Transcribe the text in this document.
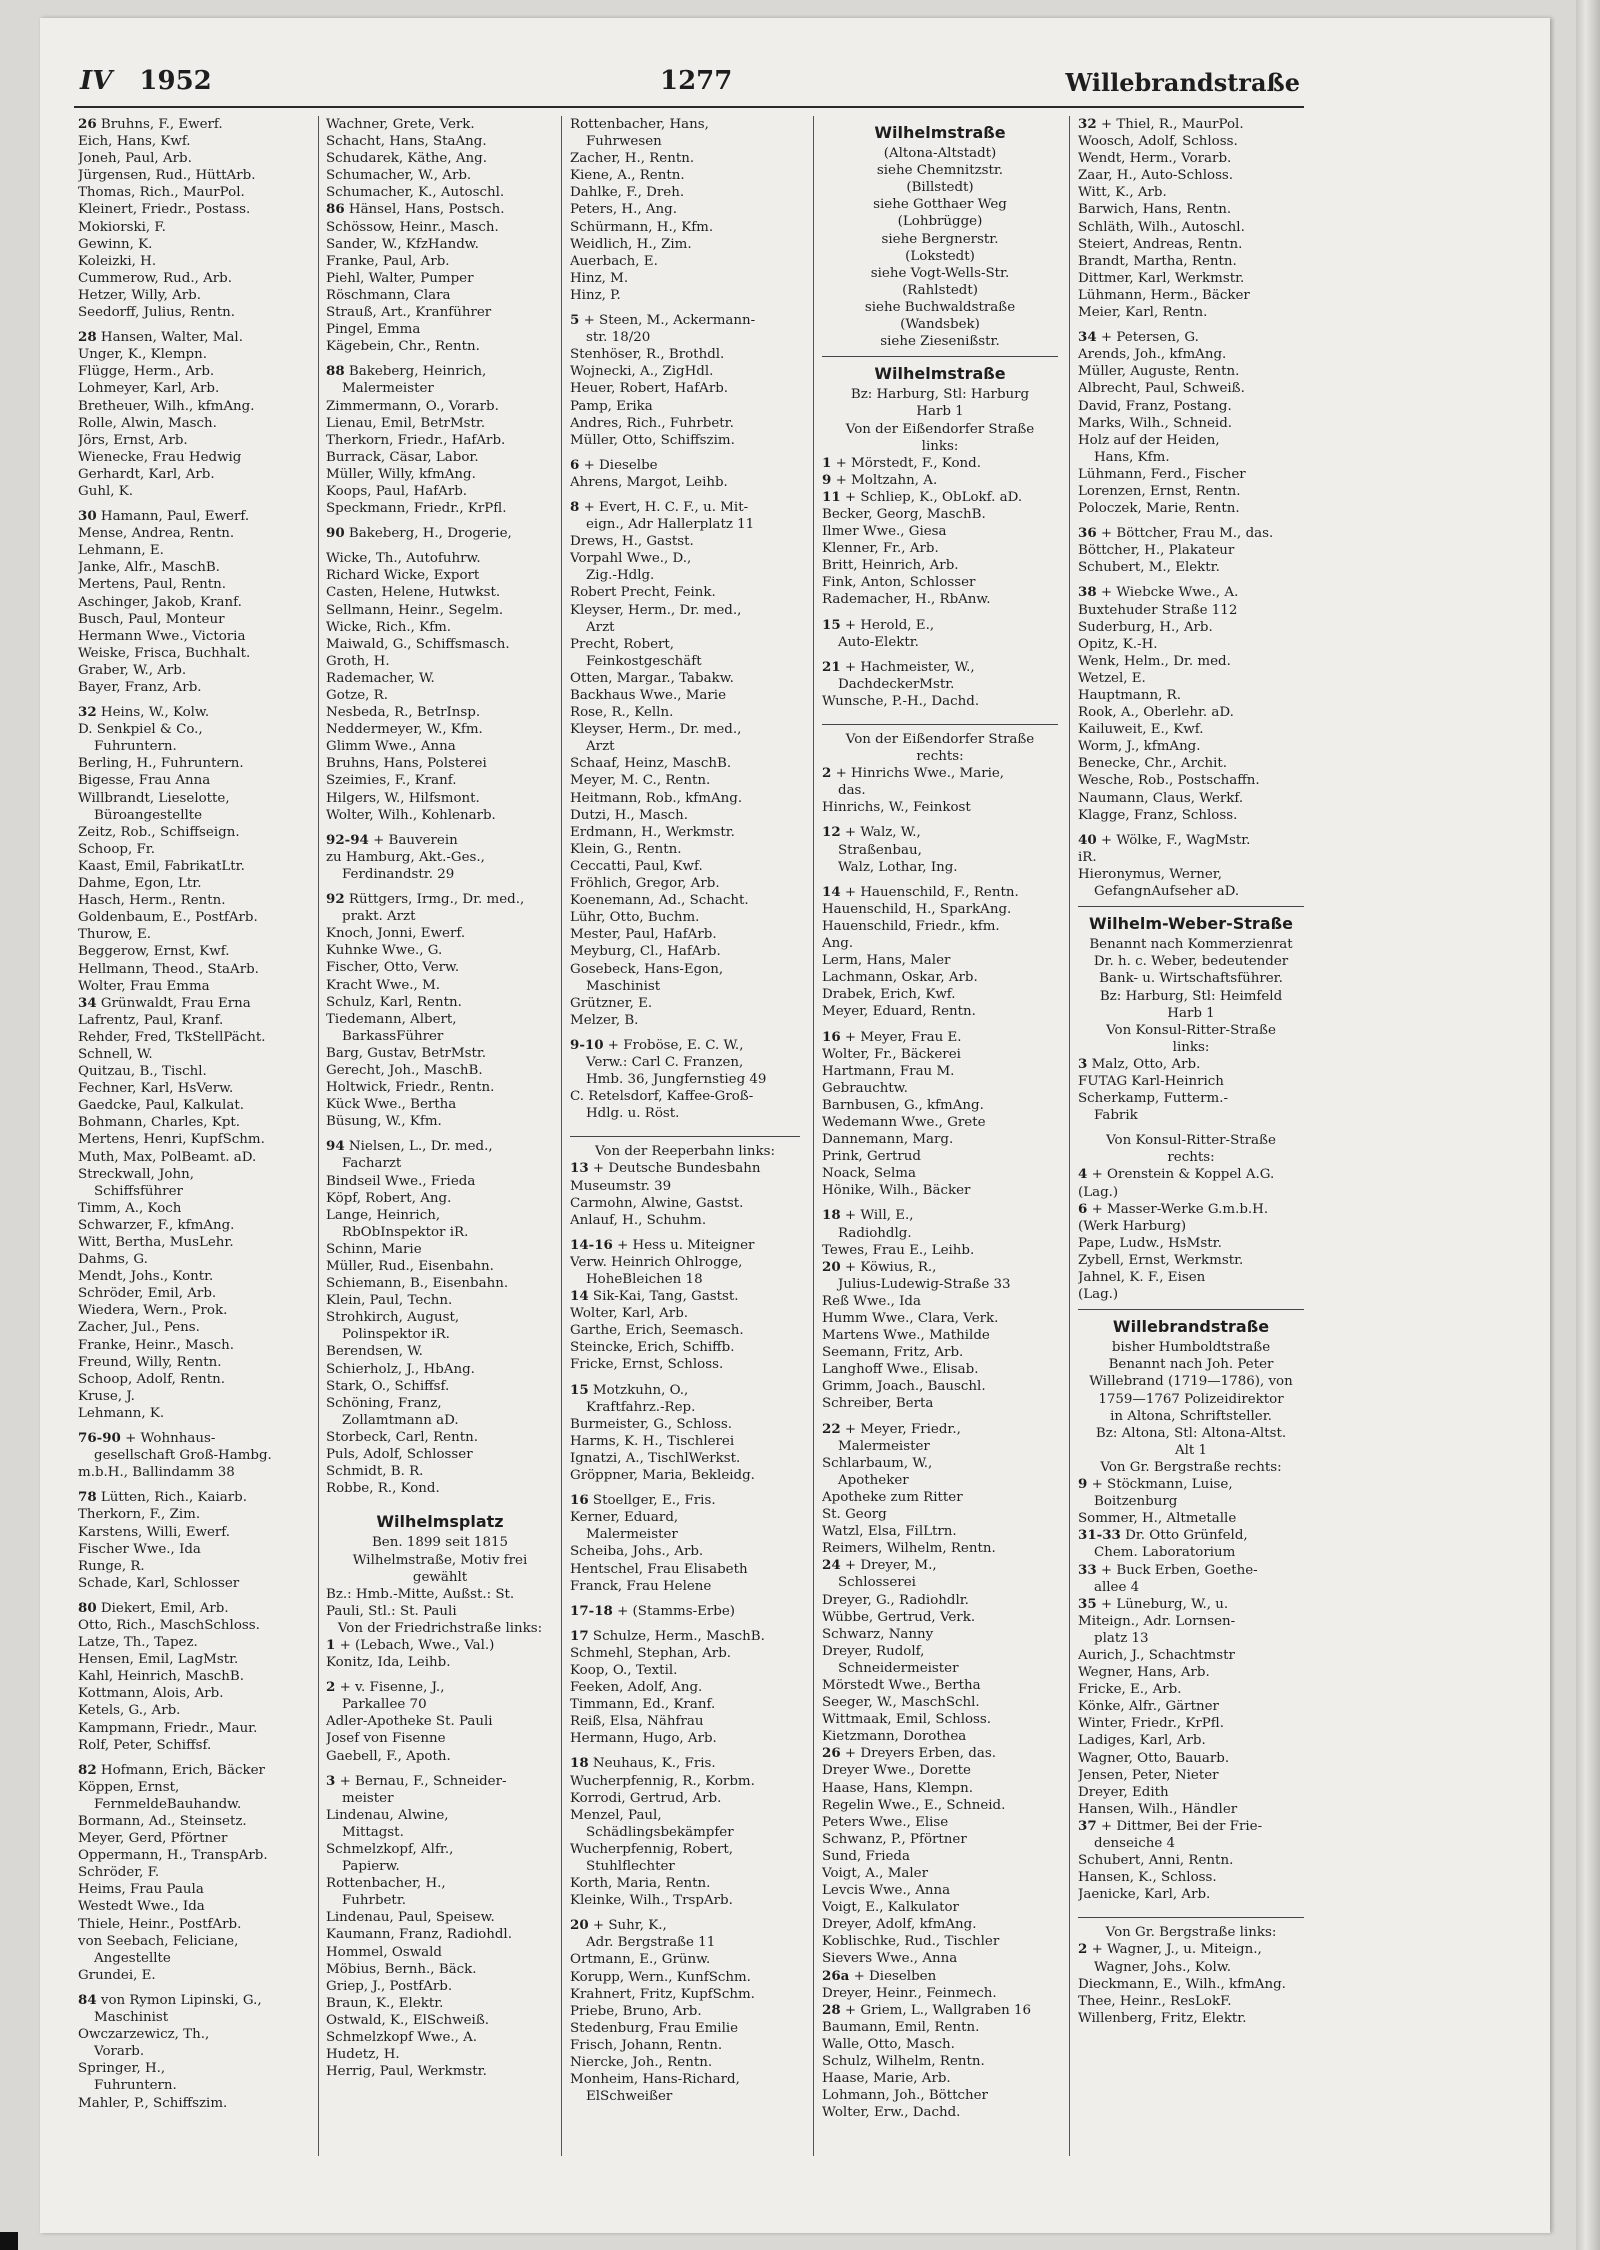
IV 1952	1277	Willebrandstraße
26 Bruhns, F., Ewerf.
Eich, Hans, Kwf.
Joneh, Paul, Arb.
Jürgensen, Rud., HüttArb.
Thomas, Rich., MaurPol.
Kleinert, Friedr., Postass.
Mokiorski, F.
Gewinn, K.
Koleizki, H.
Cummerow, Rud., Arb.
Hetzer, Willy, Arb.
Seedorff, Julius, Rentn.
28 Hansen, Walter, Mal.
Unger, K., Klempn.
Flügge, Herm., Arb.
Lohmeyer, Karl, Arb.
Bretheuer, Wilh., kfmAng.
Rolle, Alwin, Masch.
Jörs, Ernst, Arb.
Wienecke, Frau Hedwig
Gerhardt, Karl, Arb.
Guhl, K.
30 Hamann, Paul, Ewerf.
Mense, Andrea, Rentn.
Lehmann, E.
Janke, Alfr., MaschB.
Mertens, Paul, Rentn.
Aschinger, Jakob, Kranf.
Busch, Paul, Monteur
Hermann Wwe., Victoria
Weiske, Frisca, Buchhalt.
Graber, W., Arb.
Bayer, Franz, Arb.
32 Heins, W., Kolw.
D. Senkpiel & Co.,
Fuhruntern.
Berling, H., Fuhruntern.
Bigesse, Frau Anna
Willbrandt, Lieselotte,
Büroangestellte
Zeitz, Rob., Schiffseign.
Schoop, Fr.
Kaast, Emil, FabrikatLtr.
Dahme, Egon, Ltr.
Hasch, Herm., Rentn.
Goldenbaum, E., PostfArb.
Thurow, E.
Beggerow, Ernst, Kwf.
Hellmann, Theod., StaArb.
Wolter, Frau Emma
34 Grünwaldt, Frau Erna
Lafrentz, Paul, Kranf.
Rehder, Fred, TkStellPächt.
Schnell, W.
Quitzau, B., Tischl.
Fechner, Karl, HsVerw.
Gaedcke, Paul, Kalkulat.
Bohmann, Charles, Kpt.
Mertens, Henri, KupfSchm.
Muth, Max, PolBeamt. aD.
Streckwall, John,
Schiffsführer
Timm, A., Koch
Schwarzer, F., kfmAng.
Witt, Bertha, MusLehr.
Dahms, G.
Mendt, Johs., Kontr.
Schröder, Emil, Arb.
Wiedera, Wern., Prok.
Zacher, Jul., Pens.
Franke, Heinr., Masch.
Freund, Willy, Rentn.
Schoop, Adolf, Rentn.
Kruse, J.
Lehmann, K.
76-90 + Wohnhaus-
gesellschaft Groß-Hambg.
m.b.H., Ballindamm 38
78 Lütten, Rich., Kaiarb.
Therkorn, F., Zim.
Karstens, Willi, Ewerf.
Fischer Wwe., Ida
Runge, R.
Schade, Karl, Schlosser
80 Diekert, Emil, Arb.
Otto, Rich., MaschSchloss.
Latze, Th., Tapez.
Hensen, Emil, LagMstr.
Kahl, Heinrich, MaschB.
Kottmann, Alois, Arb.
Ketels, G., Arb.
Kampmann, Friedr., Maur.
Rolf, Peter, Schiffsf.
82 Hofmann, Erich, Bäcker
Köppen, Ernst,
FernmeldeBauhandw.
Bormann, Ad., Steinsetz.
Meyer, Gerd, Pförtner
Oppermann, H., TranspArb.
Schröder, F.
Heims, Frau Paula
Westedt Wwe., Ida
Thiele, Heinr., PostfArb.
von Seebach, Feliciane,
Angestellte
Grundei, E.
84 von Rymon Lipinski, G.,
Maschinist
Owczarzewicz, Th.,
Vorarb.
Springer, H.,
Fuhruntern.
Mahler, P., Schiffszim.
Wachner, Grete, Verk.
Schacht, Hans, StaAng.
Schudarek, Käthe, Ang.
Schumacher, W., Arb.
Schumacher, K., Autoschl.
86 Hänsel, Hans, Postsch.
Schössow, Heinr., Masch.
Sander, W., KfzHandw.
Franke, Paul, Arb.
Piehl, Walter, Pumper
Röschmann, Clara
Strauß, Art., Kranführer
Pingel, Emma
Kägebein, Chr., Rentn.
88 Bakeberg, Heinrich,
Malermeister
Zimmermann, O., Vorarb.
Lienau, Emil, BetrMstr.
Therkorn, Friedr., HafArb.
Burrack, Cäsar, Labor.
Müller, Willy, kfmAng.
Koops, Paul, HafArb.
Speckmann, Friedr., KrPfl.
90 Bakeberg, H., Drogerie,
Wicke, Th., Autofuhrw.
Richard Wicke, Export
Casten, Helene, Hutwkst.
Sellmann, Heinr., Segelm.
Wicke, Rich., Kfm.
Maiwald, G., Schiffsmasch.
Groth, H.
Rademacher, W.
Gotze, R.
Nesbeda, R., BetrInsp.
Neddermeyer, W., Kfm.
Glimm Wwe., Anna
Bruhns, Hans, Polsterei
Szeimies, F., Kranf.
Hilgers, W., Hilfsmont.
Wolter, Wilh., Kohlenarb.
92-94 + Bauverein
zu Hamburg, Akt.-Ges.,
Ferdinandstr. 29
92 Rüttgers, Irmg., Dr. med.,
prakt. Arzt
Knoch, Jonni, Ewerf.
Kuhnke Wwe., G.
Fischer, Otto, Verw.
Kracht Wwe., M.
Schulz, Karl, Rentn.
Tiedemann, Albert,
BarkassFührer
Barg, Gustav, BetrMstr.
Gerecht, Joh., MaschB.
Holtwick, Friedr., Rentn.
Kück Wwe., Bertha
Büsung, W., Kfm.
94 Nielsen, L., Dr. med.,
Facharzt
Bindseil Wwe., Frieda
Köpf, Robert, Ang.
Lange, Heinrich,
RbObInspektor iR.
Schinn, Marie
Müller, Rud., Eisenbahn.
Schiemann, B., Eisenbahn.
Klein, Paul, Techn.
Strohkirch, August,
Polinspektor iR.
Berendsen, W.
Schierholz, J., HbAng.
Stark, O., Schiffsf.
Schöning, Franz,
Zollamtmann aD.
Storbeck, Carl, Rentn.
Puls, Adolf, Schlosser
Schmidt, B. R.
Robbe, R., Kond.
Wilhelmsplatz
Ben. 1899 seit 1815
Wilhelmstraße, Motiv frei
gewählt
Bz.: Hmb.-Mitte, Außst.: St.
Pauli, Stl.: St. Pauli
Von der Friedrichstraße links:
1 + (Lebach, Wwe., Val.)
Konitz, Ida, Leihb.
2 + v. Fisenne, J.,
Parkallee 70
Adler-Apotheke St. Pauli
Josef von Fisenne
Gaebell, F., Apoth.
3 + Bernau, F., Schneider-
meister
Lindenau, Alwine,
Mittagst.
Schmelzkopf, Alfr.,
Papierw.
Rottenbacher, H.,
Fuhrbetr.
Lindenau, Paul, Speisew.
Kaumann, Franz, Radiohdl.
Hommel, Oswald
Möbius, Bernh., Bäck.
Griep, J., PostfArb.
Braun, K., Elektr.
Ostwald, K., ElSchweiß.
Schmelzkopf Wwe., A.
Hudetz, H.
Herrig, Paul, Werkmstr.
Rottenbacher, Hans,
Fuhrwesen
Zacher, H., Rentn.
Kiene, A., Rentn.
Dahlke, F., Dreh.
Peters, H., Ang.
Schürmann, H., Kfm.
Weidlich, H., Zim.
Auerbach, E.
Hinz, M.
Hinz, P.
5 + Steen, M., Ackermann-
str. 18/20
Stenhöser, R., Brothdl.
Wojnecki, A., ZigHdl.
Heuer, Robert, HafArb.
Pamp, Erika
Andres, Rich., Fuhrbetr.
Müller, Otto, Schiffszim.
6 + Dieselbe
Ahrens, Margot, Leihb.
8 + Evert, H. C. F., u. Mit-
eign., Adr Hallerplatz 11
Drews, H., Gastst.
Vorpahl Wwe., D.,
Zig.-Hdlg.
Robert Precht, Feink.
Kleyser, Herm., Dr. med.,
Arzt
Precht, Robert,
Feinkostgeschäft
Otten, Margar., Tabakw.
Backhaus Wwe., Marie
Rose, R., Kelln.
Kleyser, Herm., Dr. med.,
Arzt
Schaaf, Heinz, MaschB.
Meyer, M. C., Rentn.
Heitmann, Rob., kfmAng.
Dutzi, H., Masch.
Erdmann, H., Werkmstr.
Klein, G., Rentn.
Ceccatti, Paul, Kwf.
Fröhlich, Gregor, Arb.
Koenemann, Ad., Schacht.
Lühr, Otto, Buchm.
Mester, Paul, HafArb.
Meyburg, Cl., HafArb.
Gosebeck, Hans-Egon,
Maschinist
Grützner, E.
Melzer, B.
9-10 + Froböse, E. C. W.,
Verw.: Carl C. Franzen,
Hmb. 36, Jungfernstieg 49
C. Retelsdorf, Kaffee-Groß-
Hdlg. u. Röst.
Von der Reeperbahn links:
13 + Deutsche Bundesbahn
Museumstr. 39
Carmohn, Alwine, Gastst.
Anlauf, H., Schuhm.
14-16 + Hess u. Miteigner
Verw. Heinrich Ohlrogge,
HoheBleichen 18
14 Sik-Kai, Tang, Gastst.
Wolter, Karl, Arb.
Garthe, Erich, Seemasch.
Steincke, Erich, Schiffb.
Fricke, Ernst, Schloss.
15 Motzkuhn, O.,
Kraftfahrz.-Rep.
Burmeister, G., Schloss.
Harms, K. H., Tischlerei
Ignatzi, A., TischlWerkst.
Gröppner, Maria, Bekleidg.
16 Stoellger, E., Fris.
Kerner, Eduard,
Malermeister
Scheiba, Johs., Arb.
Hentschel, Frau Elisabeth
Franck, Frau Helene
17-18 + (Stamms-Erbe)
17 Schulze, Herm., MaschB.
Schmehl, Stephan, Arb.
Koop, O., Textil.
Feeken, Adolf, Ang.
Timmann, Ed., Kranf.
Reiß, Elsa, Nähfrau
Hermann, Hugo, Arb.
18 Neuhaus, K., Fris.
Wucherpfennig, R., Korbm.
Korrodi, Gertrud, Arb.
Menzel, Paul,
Schädlingsbekämpfer
Wucherpfennig, Robert,
Stuhlflechter
Korth, Maria, Rentn.
Kleinke, Wilh., TrspArb.
20 + Suhr, K.,
Adr. Bergstraße 11
Ortmann, E., Grünw.
Korupp, Wern., KunfSchm.
Krahnert, Fritz, KupfSchm.
Priebe, Bruno, Arb.
Stedenburg, Frau Emilie
Frisch, Johann, Rentn.
Niercke, Joh., Rentn.
Monheim, Hans-Richard,
ElSchweißer
Wilhelmstraße
(Altona-Altstadt)
siehe Chemnitzstr.
(Billstedt)
siehe Gotthaer Weg
(Lohbrügge)
siehe Bergnerstr.
(Lokstedt)
siehe Vogt-Wells-Str.
(Rahlstedt)
siehe Buchwaldstraße
(Wandsbek)
siehe Ziesenißstr.
Wilhelmstraße
Bz: Harburg, Stl: Harburg
Harb 1
Von der Eißendorfer Straße
links:
1 + Mörstedt, F., Kond.
9 + Moltzahn, A.
11 + Schliep, K., ObLokf. aD.
Becker, Georg, MaschB.
Ilmer Wwe., Giesa
Klenner, Fr., Arb.
Britt, Heinrich, Arb.
Fink, Anton, Schlosser
Rademacher, H., RbAnw.
15 + Herold, E.,
Auto-Elektr.
21 + Hachmeister, W.,
DachdeckerMstr.
Wunsche, P.-H., Dachd.
Von der Eißendorfer Straße
rechts:
2 + Hinrichs Wwe., Marie,
das.
Hinrichs, W., Feinkost
12 + Walz, W.,
Straßenbau,
Walz, Lothar, Ing.
14 + Hauenschild, F., Rentn.
Hauenschild, H., SparkAng.
Hauenschild, Friedr., kfm.
Ang.
Lerm, Hans, Maler
Lachmann, Oskar, Arb.
Drabek, Erich, Kwf.
Meyer, Eduard, Rentn.
16 + Meyer, Frau E.
Wolter, Fr., Bäckerei
Hartmann, Frau M.
Gebrauchtw.
Barnbusen, G., kfmAng.
Wedemann Wwe., Grete
Dannemann, Marg.
Prink, Gertrud
Noack, Selma
Hönike, Wilh., Bäcker
18 + Will, E.,
Radiohdlg.
Tewes, Frau E., Leihb.
20 + Köwius, R.,
Julius-Ludewig-Straße 33
Reß Wwe., Ida
Humm Wwe., Clara, Verk.
Martens Wwe., Mathilde
Seemann, Fritz, Arb.
Langhoff Wwe., Elisab.
Grimm, Joach., Bauschl.
Schreiber, Berta
22 + Meyer, Friedr.,
Malermeister
Schlarbaum, W.,
Apotheker
Apotheke zum Ritter
St. Georg
Watzl, Elsa, FilLtrn.
Reimers, Wilhelm, Rentn.
24 + Dreyer, M.,
Schlosserei
Dreyer, G., Radiohdlr.
Wübbe, Gertrud, Verk.
Schwarz, Nanny
Dreyer, Rudolf,
Schneidermeister
Mörstedt Wwe., Bertha
Seeger, W., MaschSchl.
Wittmaak, Emil, Schloss.
Kietzmann, Dorothea
26 + Dreyers Erben, das.
Dreyer Wwe., Dorette
Haase, Hans, Klempn.
Regelin Wwe., E., Schneid.
Peters Wwe., Elise
Schwanz, P., Pförtner
Sund, Frieda
Voigt, A., Maler
Levcis Wwe., Anna
Voigt, E., Kalkulator
Dreyer, Adolf, kfmAng.
Koblischke, Rud., Tischler
Sievers Wwe., Anna
26a + Dieselben
Dreyer, Heinr., Feinmech.
28 + Griem, L., Wallgraben 16
Baumann, Emil, Rentn.
Walle, Otto, Masch.
Schulz, Wilhelm, Rentn.
Haase, Marie, Arb.
Lohmann, Joh., Böttcher
Wolter, Erw., Dachd.
32 + Thiel, R., MaurPol.
Woosch, Adolf, Schloss.
Wendt, Herm., Vorarb.
Zaar, H., Auto-Schloss.
Witt, K., Arb.
Barwich, Hans, Rentn.
Schläth, Wilh., Autoschl.
Steiert, Andreas, Rentn.
Brandt, Martha, Rentn.
Dittmer, Karl, Werkmstr.
Lühmann, Herm., Bäcker
Meier, Karl, Rentn.
34 + Petersen, G.
Arends, Joh., kfmAng.
Müller, Auguste, Rentn.
Albrecht, Paul, Schweiß.
David, Franz, Postang.
Marks, Wilh., Schneid.
Holz auf der Heiden,
Hans, Kfm.
Lühmann, Ferd., Fischer
Lorenzen, Ernst, Rentn.
Poloczek, Marie, Rentn.
36 + Böttcher, Frau M., das.
Böttcher, H., Plakateur
Schubert, M., Elektr.
38 + Wiebcke Wwe., A.
Buxtehuder Straße 112
Suderburg, H., Arb.
Opitz, K.-H.
Wenk, Helm., Dr. med.
Wetzel, E.
Hauptmann, R.
Rook, A., Oberlehr. aD.
Kailuweit, E., Kwf.
Worm, J., kfmAng.
Benecke, Chr., Archit.
Wesche, Rob., Postschaffn.
Naumann, Claus, Werkf.
Klagge, Franz, Schloss.
40 + Wölke, F., WagMstr.
iR.
Hieronymus, Werner,
GefangnAufseher aD.
Wilhelm-Weber-Straße
Benannt nach Kommerzienrat
Dr. h. c. Weber, bedeutender
Bank- u. Wirtschaftsführer.
Bz: Harburg, Stl: Heimfeld
Harb 1
Von Konsul-Ritter-Straße
links:
3 Malz, Otto, Arb.
FUTAG Karl-Heinrich
Scherkamp, Futterm.-
Fabrik
Von Konsul-Ritter-Straße
rechts:
4 + Orenstein & Koppel A.G.
(Lag.)
6 + Masser-Werke G.m.b.H.
(Werk Harburg)
Pape, Ludw., HsMstr.
Zybell, Ernst, Werkmstr.
Jahnel, K. F., Eisen
(Lag.)
Willebrandstraße
bisher Humboldtstraße
Benannt nach Joh. Peter
Willebrand (1719—1786), von
1759—1767 Polizeidirektor
in Altona, Schriftsteller.
Bz: Altona, Stl: Altona-Altst.
Alt 1
Von Gr. Bergstraße rechts:
9 + Stöckmann, Luise,
Boitzenburg
Sommer, H., Altmetalle
31-33 Dr. Otto Grünfeld,
Chem. Laboratorium
33 + Buck Erben, Goethe-
allee 4
35 + Lüneburg, W., u.
Miteign., Adr. Lornsen-
platz 13
Aurich, J., Schachtmstr
Wegner, Hans, Arb.
Fricke, E., Arb.
Könke, Alfr., Gärtner
Winter, Friedr., KrPfl.
Ladiges, Karl, Arb.
Wagner, Otto, Bauarb.
Jensen, Peter, Nieter
Dreyer, Edith
Hansen, Wilh., Händler
37 + Dittmer, Bei der Frie-
denseiche 4
Schubert, Anni, Rentn.
Hansen, K., Schloss.
Jaenicke, Karl, Arb.
Von Gr. Bergstraße links:
2 + Wagner, J., u. Miteign.,
Wagner, Johs., Kolw.
Dieckmann, E., Wilh., kfmAng.
Thee, Heinr., ResLokF.
Willenberg, Fritz, Elektr.
